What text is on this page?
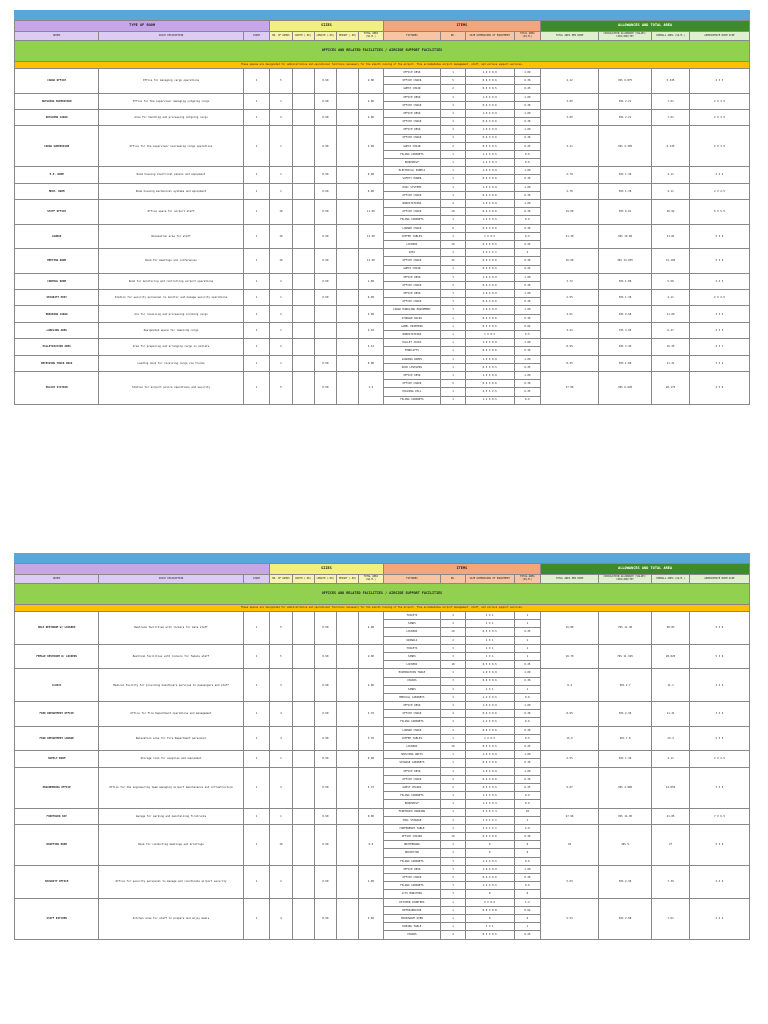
TYPE OF ROOM			SIZES					ITEMS				ALLOWANCES AND TOTAL AREA			
ROOMS	SPACE DESCRIPTION	COUNT	NO. OF USERS	WIDTH (.00)	LENGTH (.00)	HEIGHT (.00)	TOTAL AREA (SQ.M.)	FIXTURES	NO.	SIZE DIMENSIONS OF EQUIPMENT	TOTAL AREA (SQ.M.)	TOTAL AREA PER ROOM	CIRCULATION ALLOWANCE (VALUE): CIRC/ADD/TOT	OVERALL AREA (SQ.M.)	APPROXIMATE ROOM SIZE
OFFICES AND RELATED FACILITIES / AIRSIDE SUPPORT FACILITIES															
These spaces are designated for administrative and operational functions necessary for the smooth running of the airport. This accommodates airport management, staff, and various support services.															
CARGO OFFICE	Office for managing cargo operations	1	5		0.90		2.00	OFFICE DESK	1	1.0 X 0.9	1.00	4.12	30% 0.875	5.325	2 X 3
								OFFICE CHAIR	5	0.6 X 0.6	0.36				
								GUEST CHAIR	2	0.5 X 0.5	0.25				
OUTGOING SUPERVISOR	Office for the supervisor managing outgoing cargo	1	1		0.90		2.00	OFFICE DESK	1	1.0 X 0.9	1.00	3.09	30% 2.21	7.61	2 X 3.5
								OFFICE CHAIR	1	0.6 X 0.6	0.36				
OUTGOING CARGO	Area for handling and processing outgoing cargo	1	2		0.90		2.00	OFFICE DESK	1	1.0 X 0.9	1.00	3.09	30% 2.21	7.61	2 X 3.5
								OFFICE CHAIR	1	0.6 X 0.6	0.36				
CARGO SUPERVISOR	Office for the supervisor overseeing cargo operations	1	1		0.90		2.00	OFFICE DESK	1	1.0 X 0.9	1.00	3.11	30% 3.305	6.135	2 X 3.5
								OFFICE CHAIR	1	0.6 X 0.6	0.36				
								GUEST CHAIR	2	0.5 X 0.5	0.25				
								FILING CABINETS	1	1.2 X 0.5	0.6				
								BOOKSHELF	1	1.2 X 0.3	0.6				
E.E. ROOM	Room housing electrical panels and equipment	1	1		0.90		0.90	ELECTRICAL PANELS	1	1.0 X 0.9	1.00	2.70	30% 1.36	4.11	2 X 2
								SAFETY POWER	1	0.6 X 0.6	0.36				
MECH. ROOM	Room housing mechanical systems and equipment	1	1		0.90		0.90	HVAC SYSTEMS	1	1.0 X 0.9	1.00	2.70	30% 1.36	4.11	2 X 2.5
								OFFICE CHAIR	1	0.6 X 0.6	0.36				
STAFF OFFICE	Office space for airport staff	1	10		0.90		11.50	WORKSTATIONS	4	1.0 X 0.9	1.00	19.00	30% 6.01	26.92	5 X 5.5
								OFFICE CHAIR	10	0.6 X 0.6	0.36				
								FILING CABINETS	1	1.2 X 0.5	0.6				
LOUNGE	Relaxation area for staff	1	10		0.90		11.50	LOUNGE CHAIR	6	0.6 X 0.6	0.36	21.30	30% 10.69	31.81	5 X 6
								COFFEE TABLES	1	1 X 0.5	0.5				
								LOCKERS	10	0.5 X 0.5	0.25				
MEETING ROOM	Room for meetings and conferences	1	10		0.90		11.50	SOFA	1	2 X 1 X 1	2	16.09	30% 13.035	31.105	5 X 6
								OFFICE CHAIR	12	0.6 X 0.6	0.36				
								GUEST CHAIR	1	0.5 X 0.5	0.25				
CONTROL ROOM	Room for monitoring and controlling airport operations	1	2		0.90		1.80	OFFICE DESK	1	1.0 X 0.9	1.00	3.72	30% 1.86	5.58	2 X 3
								OFFICE CHAIR	2	0.6 X 0.6	0.36				
SECURITY POST	Station for security personnel to monitor and manage security operations	1	1		0.90		0.90	OFFICE DESK	1	1.0 X 0.9	1.00	2.55	30% 1.36	4.11	2 X 2.5
								OFFICE CHAIR	1	0.6 X 0.6	0.36				
BREAKING CARGO	Are for receiving and processing incoming cargo	1	2				2.00	CARGO HANDLING EQUIPMENT	1	1.0 X 0.9	1.00	4.61	30% 0.58	11.09	3 X 4
								STORAGE RACKS	1	0.6 X 0.6	0.36				
LABELING AREA	Designated space for labeling cargo	1	1				2.10	LABEL PRINTERS	1	0.5 X 0.5	0.04	3.44	70% 3.03	6.47	2 X 3
								WORKSTATIONS	1	1 X 0.5	0.5				
PALLETIZATION AREA	Area for preparing and arranging cargo on pallets	1	2				3.12	PALLET JACKS	1	1.0 X 0.9	1.00	8.95	30% 3.40	16.35	4 X 7
								FORKLIFTS	1	0.6 X 0.6	0.36				
RECEIVING TRUCK DOCK	Loading dock for receiving cargo via trucks	1	1		0.90		0.90	LOADING RAMPS	1	1.0 X 0.9	1.00	8.35	30% 1.80	11.31	3 X 4
								DOCK LEVELERS	1	0.5 X 0.5	0.25				
POLICE STATION	Station for airport police operations and security	1	5		0.90		1.5	OFFICE DESK	1	1.0 X 0.9	1.00	17.60	30% 6.020	20.175	4 X 6
								OFFICE CHAIR	5	0.6 X 0.6	0.36				
								HOLDING CELL	1	2.5 X 2.5	6.25				
								FILING CABINETS	1	1.2 X 0.5	0.6				
			SIZES					ITEMS				ALLOWANCES AND TOTAL AREA			
ROOMS	SPACE DESCRIPTION	COUNT	NO. OF USERS	WIDTH (.00)	LENGTH (.00)	HEIGHT (.00)	TOTAL AREA (SQ.M.)	FIXTURES	NO.	SIZE DIMENSIONS OF EQUIPMENT	TOTAL AREA (SQ.M.)	TOTAL AREA PER ROOM	CIRCULATION ALLOWANCE (VALUE): CIRC/ADD/TOT	OVERALL AREA (SQ.M.)	APPROXIMATE ROOM SIZE
OFFICES AND RELATED FACILITIES / AIRSIDE SUPPORT FACILITIES															
These spaces are designated for administrative and operational functions necessary for the smooth running of the airport. This accommodates airport management, staff, and various support services.															
MALE RESTROOM W/ LOCKERS	Restroom facilities with lockers for male staff	1	5		0.90		2.90	TOILETS	3	1 X 1	1	16.80	70% 11.30	28.83	5 X 6
								SINKS	3	1 X 1	1				
								LOCKERS	10	0.5 X 0.5	0.25				
								URINALS	2	1 X 1	1				
FEMALE RESTROOM W/ LOCKERS	Restroom facilities with lockers for female staff	1	5		0.90		2.90	TOILETS	3	1 X 1	1	16.70	70% 11.325	28.025	5 X 6
								SINKS	3	1 X 1	1				
								LOCKERS	10	0.5 X 0.5	0.25				
CLINIC	Medical facility for providing healthcare services to passengers and staff	1	3		0.90		2.00	EXAMINATION TABLE	1	1.0 X 0.9	1.00	8.4	30% 2.7	11.1	3 X 4
								CHAIRS	3	0.6 X 0.6	0.36				
								SINKS	1	1 X 1	1				
								MEDICAL CABINETS	1	1.2 X 0.5	0.6				
FIRE DEPARTMENT OFFICE	Office for Fire Department operations and management	1	4		0.90		3.70	OFFICE DESK	1	1.0 X 0.9	1.00	8.95	30% 2.36	11.31	3 X 4
								OFFICE CHAIR	4	0.6 X 0.6	0.36				
								FILING CABINETS	1	1.2 X 0.5	0.6				
FIRE DEPARTMENT LOUNGE	Relaxation area for Fire Department personnel	1	4		0.90		3.70	LOUNGE CHAIR	4	0.6 X 0.6	0.36	15.6	30% 7.8	23.4	5 X 5
								COFFEE TABLES	1	1 X 0.5	0.5				
								LOCKERS	10	0.5 X 0.5	0.25				
SUPPLY ROOM	Storage room for supplies and equipment	1	1		0.90		0.90	SHELVING UNITS	1	1.0 X 0.9	1.00	2.55	30% 1.36	4.11	2 X 2.5
								STORAGE CABINETS	1	0.6 X 0.6	0.36				
ENGINEERING OFFICE	Office for the engineering team managing airport maintenance and infrastructure	1	3		0.90		4.72	OFFICE DESK	1	1.0 X 0.9	1.00	9.07	30% 4.985	14.055	3 X 5
								OFFICE CHAIR	3	0.6 X 0.6	0.36				
								GUEST CHAIRS	2	0.5 X 0.5	0.25				
								FILING CABINETS	1	1.2 X 0.5	0.6				
								BOOKSHELF	1	1.2 X 0.3	0.6				
FIRETRUCK BAY	Garage for parking and maintaining firetrucks	1	1		0.90		0.90	FIRETRUCK PARKING	1	3 X 6 X 3	18	27.90	30% 14.95	41.85	7 X 6.5
								TOOL STORAGE	1	1 X 1 X 1	1				
BRIEFING ROOM	Room for conducting meetings and briefings	1	10		0.90		9.0	CONFERENCE TABLE	1	2 X 1 X 1	2.0	18	30% 9	27	5 X 6
								OFFICE CHAIRS	10	0.6 X 0.6	0.36				
								WHITEBOARD	1	0	0				
								PROJECTOR	1	0	0				
								FILING CABINETS	1	1.2 X 0.5	0.6				
SECURITY OFFICE	Office for security personnel to manage and coordinate airport security	1	2		0.90		1.90	OFFICE DESK	1	1.0 X 0.9	1.00	5.03	30% 2.36	7.39	2 X 4
								OFFICE CHAIR	2	0.6 X 0.6	0.36				
								FILING CABINETS	1	1.2 X 0.5	0.6				
								CCTV MONITORS	1	0	0				
STAFF KITCHEN	Kitchen area for staff to prepare and enjoy meals	1	4		0.90		3.60	KITCHEN COUNTERS	1	2 X 0.6	1.2	5.53	30% 2.08	7.61	2 X 4
								REFRIGERATOR	1	0.8 X 0.8	0.64				
								MICROWAVE OVEN	1	0	0				
								DINING TABLE	1	1 X 1	1				
								CHAIRS	4	0.5 X 0.5	0.25				
